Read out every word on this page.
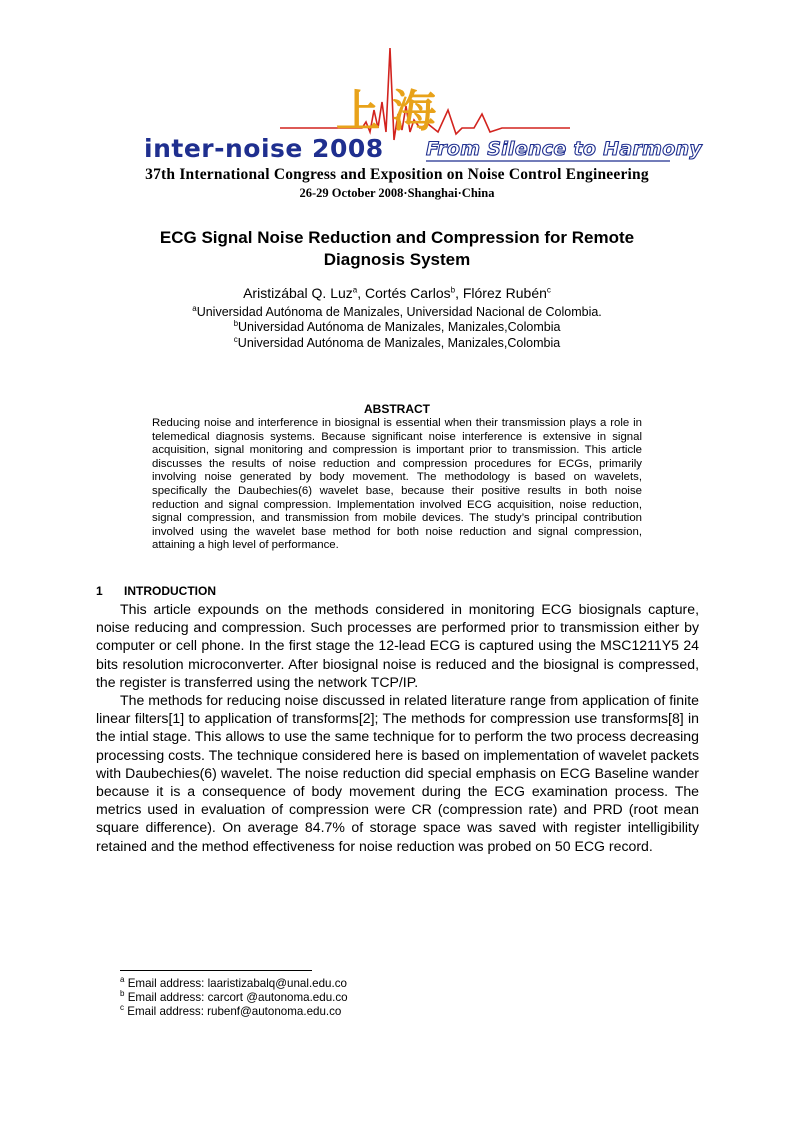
上海
inter-noise 2008 From Silence to Harmony
37th International Congress and Exposition on Noise Control Engineering
26-29 October 2008·Shanghai·China
ECG Signal Noise Reduction and Compression for Remote
Diagnosis System
Aristizábal Q. Luz$^a$, Cortés Carlos$^b$, Flórez Rubén$^c$
$^a$Universidad Autónoma de Manizales, Universidad Nacional de Colombia.
$^b$Universidad Autónoma de Manizales, Manizales,Colombia
$^c$Universidad Autónoma de Manizales, Manizales,Colombia
ABSTRACT
Reducing noise and interference in biosignal is essential when their transmission plays a role in telemedical diagnosis systems. Because significant noise interference is extensive in signal acquisition, signal monitoring and compression is important prior to transmission. This article discusses the results of noise reduction and compression procedures for ECGs, primarily involving noise generated by body movement. The methodology is based on wavelets, specifically the Daubechies(6) wavelet base, because their positive results in both noise reduction and signal compression. Implementation involved ECG acquisition, noise reduction, signal compression, and transmission from mobile devices. The study’s principal contribution involved using the wavelet base method for both noise reduction and signal compression, attaining a high level of performance.
1 INTRODUCTION

This article expounds on the methods considered in monitoring ECG biosignals capture, noise reducing and compression. Such processes are performed prior to transmission either by computer or cell phone. In the first stage the 12-lead ECG is captured using the MSC1211Y5 24 bits resolution microconverter. After biosignal noise is reduced and the biosignal is compressed, the register is transferred using the network TCP/IP.

The methods for reducing noise discussed in related literature range from application of finite linear filters[1] to application of transforms[2]; The methods for compression use transforms[8] in the intial stage. This allows to use the same technique for to perform the two process decreasing processing costs. The technique considered here is based on implementation of wavelet packets with Daubechies(6) wavelet. The noise reduction did special emphasis on ECG Baseline wander because it is a consequence of body movement during the ECG examination process. The metrics used in evaluation of compression were CR (compression rate) and PRD (root mean square difference). On average 84.7% of storage space was saved with register intelligibility retained and the method effectiveness for noise reduction was probed on 50 ECG record.

$^a$ Email address: laaristizabalq@unal.edu.co
$^b$ Email address: carcort @autonoma.edu.co
$^c$ Email address: rubenf@autonoma.edu.co
